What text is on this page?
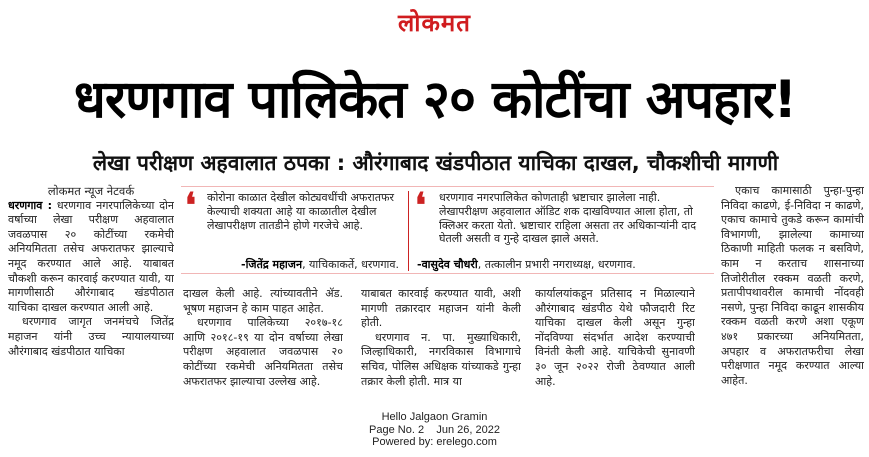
लोकमत
धरणगाव पालिकेत २० कोटींचा अपहार!
लेखा परीक्षण अहवालात ठपका : औरंगाबाद खंडपीठात याचिका दाखल, चौकशीची मागणी

लोकमत न्यूज नेटवर्क

धरणगाव : धरणगाव नगरपालिकेच्या दोन वर्षाच्या लेखा परीक्षण अहवालात जवळपास २० कोटींच्या रकमेची अनियमितता तसेच अफरातफर झाल्याचे नमूद करण्यात आले आहे. याबाबत चौकशी करून कारवाई करण्यात यावी, या मागणीसाठी औरंगाबाद खंडपीठात याचिका दाखल करण्यात आली आहे.

धरणगाव जागृत जनमंचचे जितेंद्र महाजन यांनी उच्च न्यायालयाच्या औरंगाबाद खंडपीठात याचिका

❛	कोरोना काळात देखील कोट्यवधींची अफरातफर केल्याची शक्यता आहे या काळातील देखील लेखापरीक्षण तातडीने होणे गरजेचे आहे.
-जितेंद्र महाजन, याचिकाकर्ते, धरणगाव.
❛	धरणगाव नगरपालिकेत कोणताही भ्रष्टाचार झालेला नाही. लेखापरीक्षण अहवालात ऑडिट शक दाखविण्यात आला होता, तो क्लिअर करता येतो. भ्रष्टाचार राहिला असता तर अधिकाऱ्यांनी दाद घेतली असती व गुन्हे दाखल झाले असते.
-वासुदेव चौधरी, तत्कालीन प्रभारी नगराध्यक्ष, धरणगाव.

दाखल केली आहे. त्यांच्यावतीने ॲड. भूषण महाजन हे काम पाहत आहेत.

धरणगाव पालिकेच्या २०१७-१८ आणि २०१८-१९ या दोन वर्षाच्या लेखा परीक्षण अहवालात जवळपास २० कोटींच्या रकमेची अनियमितता तसेच अफरातफर झाल्याचा उल्लेख आहे.

याबाबत कारवाई करण्यात यावी, अशी मागणी तक्रारदार महाजन यांनी केली होती.

धरणगाव न. पा. मुख्याधिकारी, जिल्हाधिकारी, नगरविकास विभागाचे सचिव, पोलिस अधिक्षक यांच्याकडे गुन्हा तक्रार केली होती. मात्र या

कार्यालयांकडून प्रतिसाद न मिळाल्याने औरंगाबाद खंडपीठ येथे फौजदारी रिट याचिका दाखल केली असून गुन्हा नोंदविण्या संदर्भात आदेश करण्याची विनंती केली आहे. याचिकेची सुनावणी ३० जून २०२२ रोजी ठेवण्यात आली आहे.

एकाच कामासाठी पुन्हा-पुन्हा निविदा काढणे, ई-निविदा न काढणे, एकाच कामाचे तुकडे करून कामांची विभागणी, झालेल्या कामाच्या ठिकाणी माहिती फलक न बसविणे, काम न करताच शासनाच्या तिजोरीतील रक्कम वळती करणे, प्रतापीपथावरील कामाची नोंदवही नसणे, पुन्हा निविदा काढून शासकीय रक्कम वळती करणे अशा एकूण ४७१ प्रकारच्या अनियमितता, अपहार व अफरातफरीचा लेखा परीक्षणात नमूद करण्यात आल्या आहेत.

Hello Jalgaon Gramin
Page No. 2 Jun 26, 2022
Powered by: erelego.com
